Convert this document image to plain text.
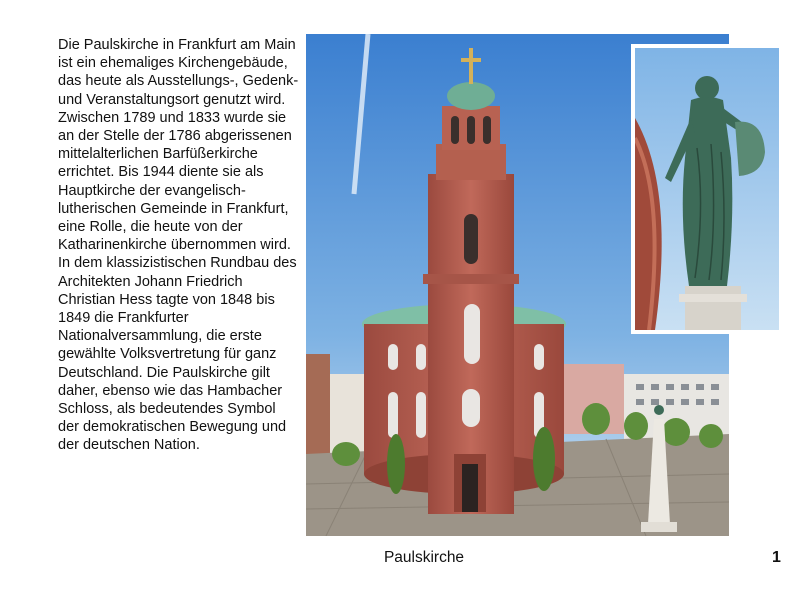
Die Paulskirche in Frankfurt am Main ist ein ehemaliges Kirchengebäude, das heute als Ausstellungs-, Gedenk- und Veranstaltungsort genutzt wird. Zwischen 1789 und 1833 wurde sie an der Stelle der 1786 abgerissenen mittelalterlichen Barfüßerkirche errichtet. Bis 1944 diente sie als Hauptkirche der evangelisch-lutherischen Gemeinde in Frankfurt, eine Rolle, die heute von der Katharinenkirche übernommen wird. In dem klassizistischen Rundbau des Architekten Johann Friedrich Christian Hess tagte von 1848 bis 1849 die Frankfurter Nationalversammlung, die erste gewählte Volksvertretung für ganz Deutschland. Die Paulskirche gilt daher, ebenso wie das Hambacher Schloss, als bedeutendes Symbol der demokratischen Bewegung und der deutschen Nation.
Paulskirche	1
